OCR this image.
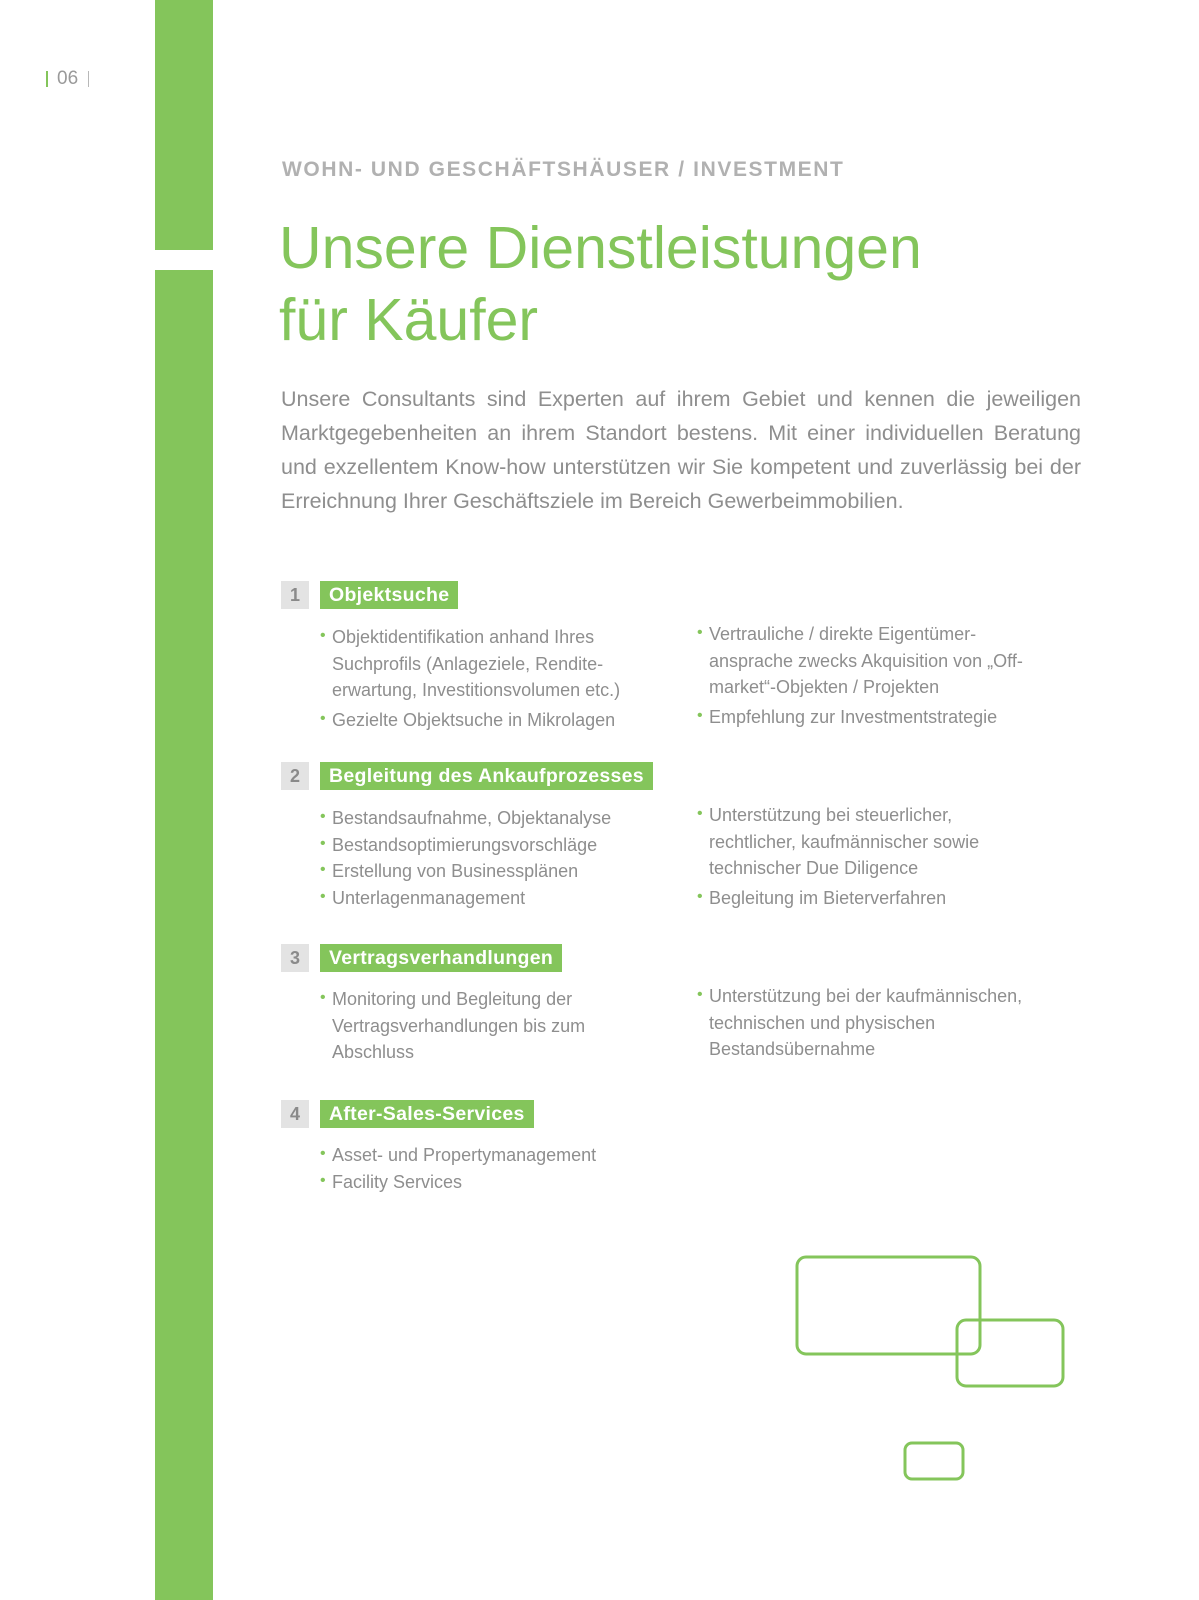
06
WOHN- UND GESCHÄFTSHÄUSER / INVESTMENT
Unsere Dienstleistungen
für Käufer

Unsere Consultants sind Experten auf ihrem Gebiet und kennen die jeweiligen Marktgegebenheiten an ihrem Standort bestens. Mit einer individuellen Beratung und exzellentem Know-how unterstützen wir Sie kompetent und zuverlässig bei der Erreichnung Ihrer Geschäftsziele im Bereich Gewerbeimmobilien.

1	Objektsuche
• Objektidentifikation anhand Ihres Suchprofils (Anlageziele, Rendite-erwartung, Investitionsvolumen etc.)
• Gezielte Objektsuche in Mikrolagen
• Vertrauliche / direkte Eigentümer-ansprache zwecks Akquisition von „Off-market“-Objekten / Projekten
• Empfehlung zur Investmentstrategie
2	Begleitung des Ankaufprozesses
• Bestandsaufnahme, Objektanalyse
• Bestandsoptimierungsvorschläge
• Erstellung von Businessplänen
• Unterlagenmanagement
• Unterstützung bei steuerlicher, rechtlicher, kaufmännischer sowie technischer Due Diligence
• Begleitung im Bieterverfahren
3	Vertragsverhandlungen
• Monitoring und Begleitung der Vertragsverhandlungen bis zum Abschluss
• Unterstützung bei der kaufmännischen, technischen und physischen Bestandsübernahme
4	After-Sales-Services
• Asset- und Propertymanagement
• Facility Services
